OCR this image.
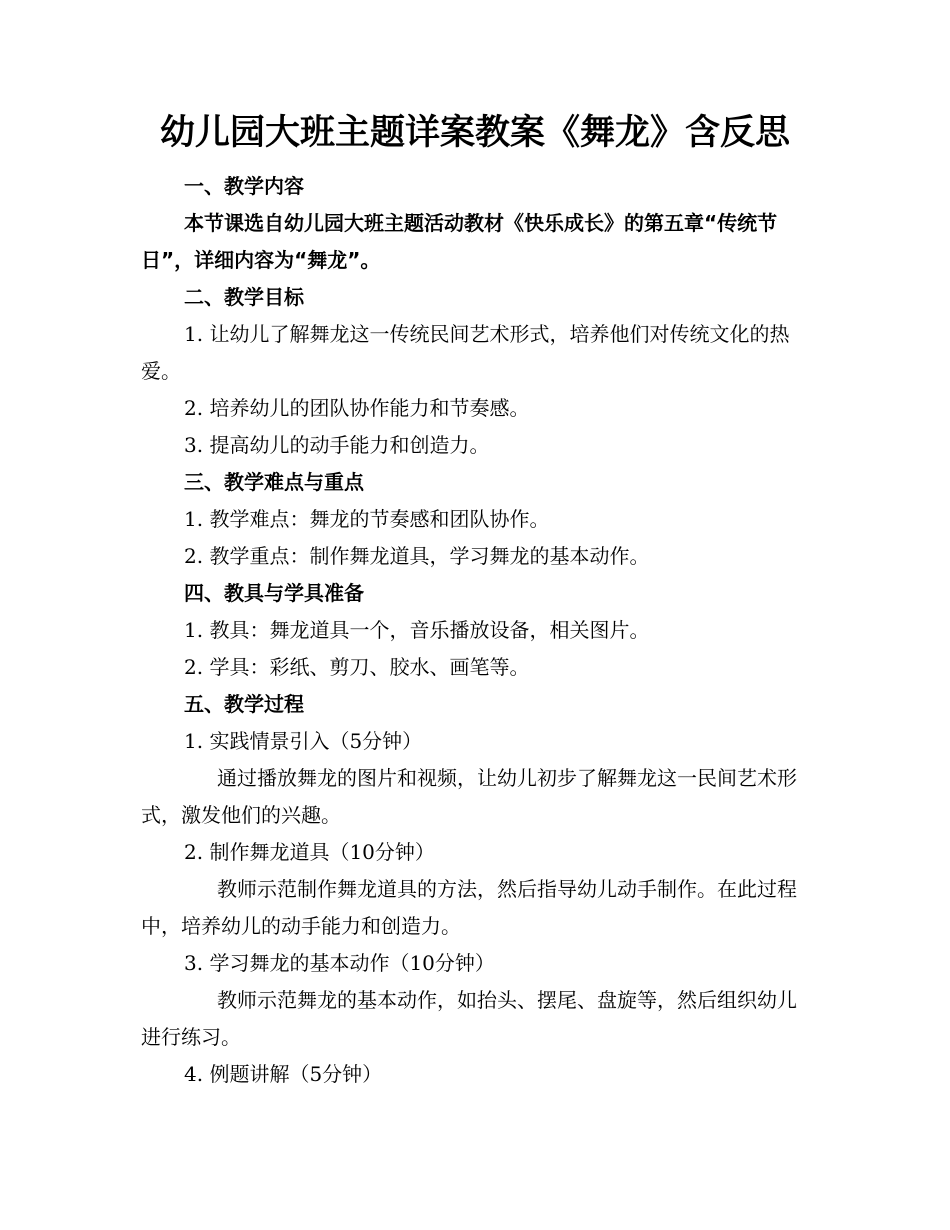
幼儿园大班主题详案教案《舞龙》含反思

一、教学内容

本节课选自幼儿园大班主题活动教材《快乐成长》的第五章“传统节日”，详细内容为“舞龙”。

二、教学目标

1. 让幼儿了解舞龙这一传统民间艺术形式，培养他们对传统文化的热爱。

2. 培养幼儿的团队协作能力和节奏感。

3. 提高幼儿的动手能力和创造力。

三、教学难点与重点

1. 教学难点：舞龙的节奏感和团队协作。

2. 教学重点：制作舞龙道具，学习舞龙的基本动作。

四、教具与学具准备

1. 教具：舞龙道具一个，音乐播放设备，相关图片。

2. 学具：彩纸、剪刀、胶水、画笔等。

五、教学过程

1. 实践情景引入（5分钟）

通过播放舞龙的图片和视频，让幼儿初步了解舞龙这一民间艺术形式，激发他们的兴趣。

2. 制作舞龙道具（10分钟）

教师示范制作舞龙道具的方法，然后指导幼儿动手制作。在此过程中，培养幼儿的动手能力和创造力。

3. 学习舞龙的基本动作（10分钟）

教师示范舞龙的基本动作，如抬头、摆尾、盘旋等，然后组织幼儿进行练习。

4. 例题讲解（5分钟）
